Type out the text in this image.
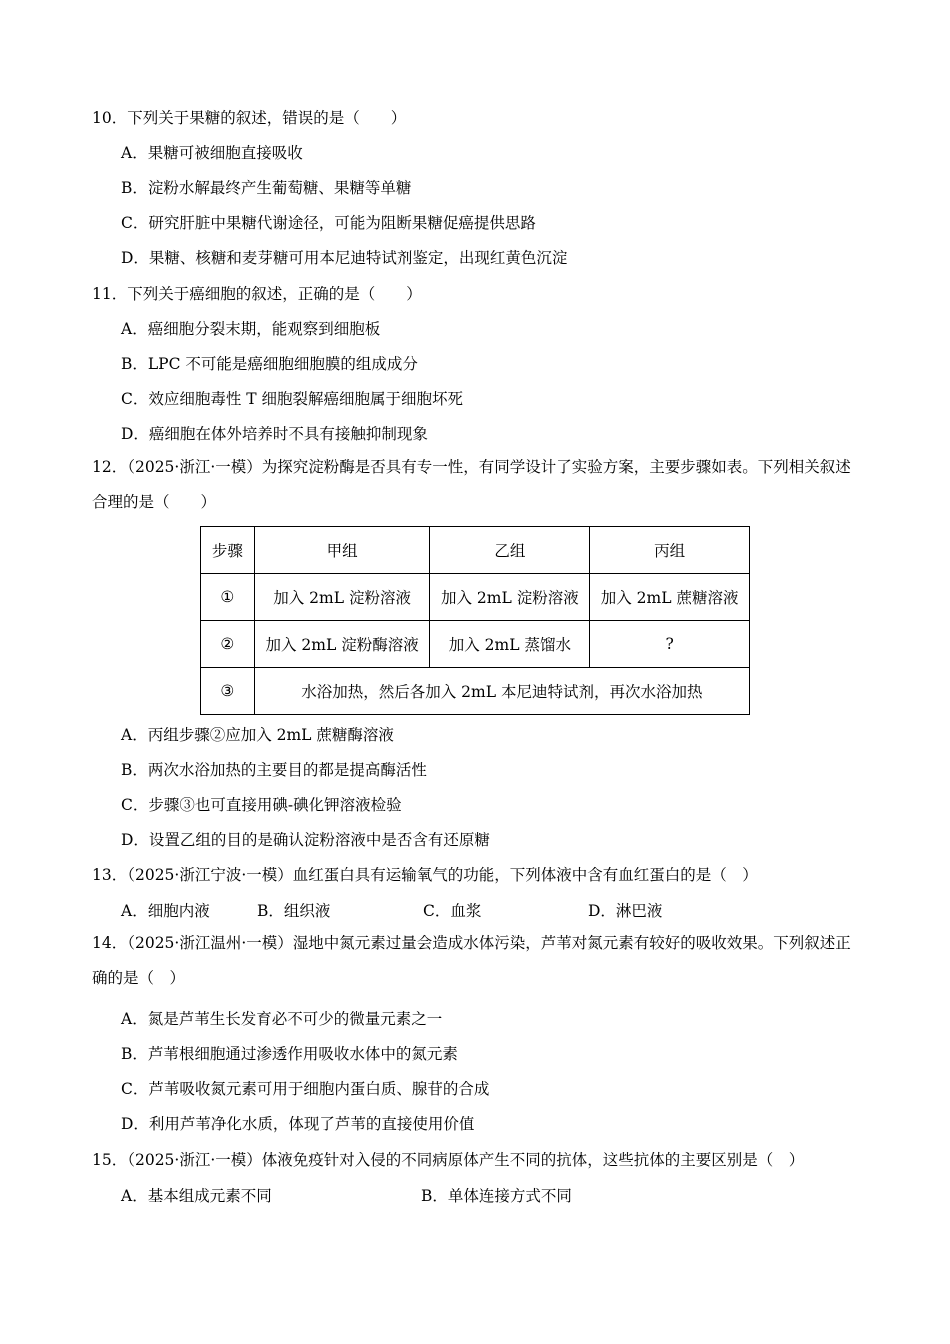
10．下列关于果糖的叙述，错误的是（　　）
A．果糖可被细胞直接吸收
B．淀粉水解最终产生葡萄糖、果糖等单糖
C．研究肝脏中果糖代谢途径，可能为阻断果糖促癌提供思路
D．果糖、核糖和麦芽糖可用本尼迪特试剂鉴定，出现红黄色沉淀
11．下列关于癌细胞的叙述，正确的是（　　）
A．癌细胞分裂末期，能观察到细胞板
B．LPC 不可能是癌细胞细胞膜的组成成分
C．效应细胞毒性 T 细胞裂解癌细胞属于细胞坏死
D．癌细胞在体外培养时不具有接触抑制现象
12．（2025·浙江·一模）为探究淀粉酶是否具有专一性，有同学设计了实验方案，主要步骤如表。下列相关叙述合理的是（　　）
步骤	甲组	乙组	丙组
①	加入 2mL 淀粉溶液	加入 2mL 淀粉溶液	加入 2mL 蔗糖溶液
②	加入 2mL 淀粉酶溶液	加入 2mL 蒸馏水	?
③	水浴加热，然后各加入 2mL 本尼迪特试剂，再次水浴加热		
A．丙组步骤②应加入 2mL 蔗糖酶溶液
B．两次水浴加热的主要目的都是提高酶活性
C．步骤③也可直接用碘-碘化钾溶液检验
D．设置乙组的目的是确认淀粉溶液中是否含有还原糖
13．（2025·浙江宁波·一模）血红蛋白具有运输氧气的功能，下列体液中含有血红蛋白的是（　）
A．细胞内液	B．组织液	C．血浆	D．淋巴液
14．（2025·浙江温州·一模）湿地中氮元素过量会造成水体污染，芦苇对氮元素有较好的吸收效果。下列叙述正确的是（　）
A．氮是芦苇生长发育必不可少的微量元素之一
B．芦苇根细胞通过渗透作用吸收水体中的氮元素
C．芦苇吸收氮元素可用于细胞内蛋白质、腺苷的合成
D．利用芦苇净化水质，体现了芦苇的直接使用价值
15．（2025·浙江·一模）体液免疫针对入侵的不同病原体产生不同的抗体，这些抗体的主要区别是（　）
A．基本组成元素不同	B．单体连接方式不同
